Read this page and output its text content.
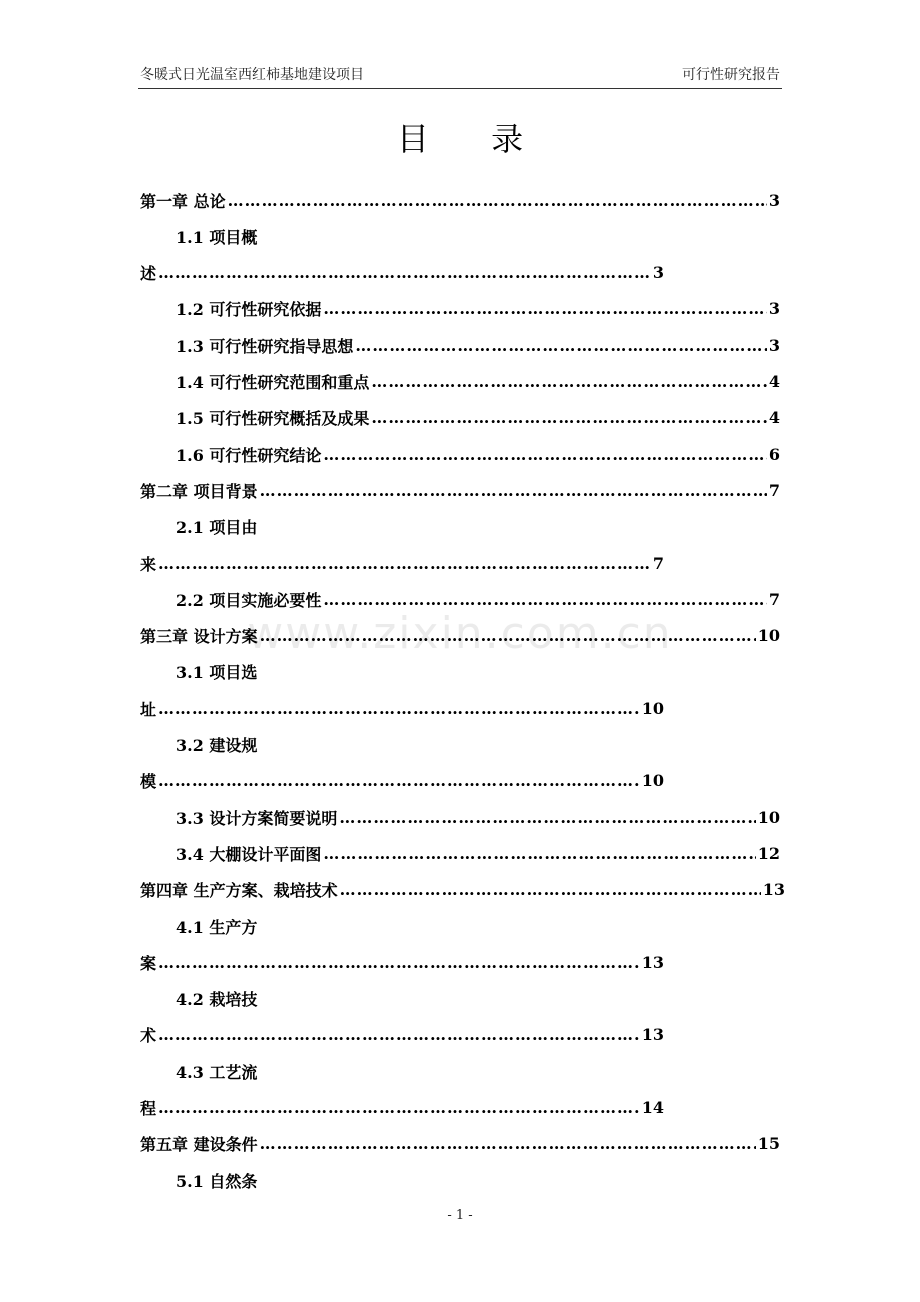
冬暖式日光温室西红柿基地建设项目	可行性研究报告
目 录
www.zixin.com.cn
第一章 总论 …………………………………………………………………………………………………………………………………………………………………………………………………………	3
1.1 项目概
述 …………………………………………………………………………………………………………………………………………………………………………………………………………	3
1.2 可行性研究依据 …………………………………………………………………………………………………………………………………………………………………………………………………………	3
1.3 可行性研究指导思想 …………………………………………………………………………………………………………………………………………………………………………………………………………	3
1.4 可行性研究范围和重点 …………………………………………………………………………………………………………………………………………………………………………………………………………	4
1.5 可行性研究概括及成果 …………………………………………………………………………………………………………………………………………………………………………………………………………	4
1.6 可行性研究结论 …………………………………………………………………………………………………………………………………………………………………………………………………………	6
第二章 项目背景 …………………………………………………………………………………………………………………………………………………………………………………………………………	7
2.1 项目由
来 …………………………………………………………………………………………………………………………………………………………………………………………………………	7
2.2 项目实施必要性 …………………………………………………………………………………………………………………………………………………………………………………………………………	7
第三章 设计方案 …………………………………………………………………………………………………………………………………………………………………………………………………………	10
3.1 项目选
址 …………………………………………………………………………………………………………………………………………………………………………………………………………	10
3.2 建设规
模 …………………………………………………………………………………………………………………………………………………………………………………………………………	10
3.3 设计方案简要说明 …………………………………………………………………………………………………………………………………………………………………………………………………………	10
3.4 大棚设计平面图 …………………………………………………………………………………………………………………………………………………………………………………………………………	12
第四章 生产方案、栽培技术 …………………………………………………………………………………………………………………………………………………………………………………………………………	13
4.1 生产方
案 …………………………………………………………………………………………………………………………………………………………………………………………………………	13
4.2 栽培技
术 …………………………………………………………………………………………………………………………………………………………………………………………………………	13
4.3 工艺流
程 …………………………………………………………………………………………………………………………………………………………………………………………………………	14
第五章 建设条件 …………………………………………………………………………………………………………………………………………………………………………………………………………	15
5.1 自然条
- 1 -
